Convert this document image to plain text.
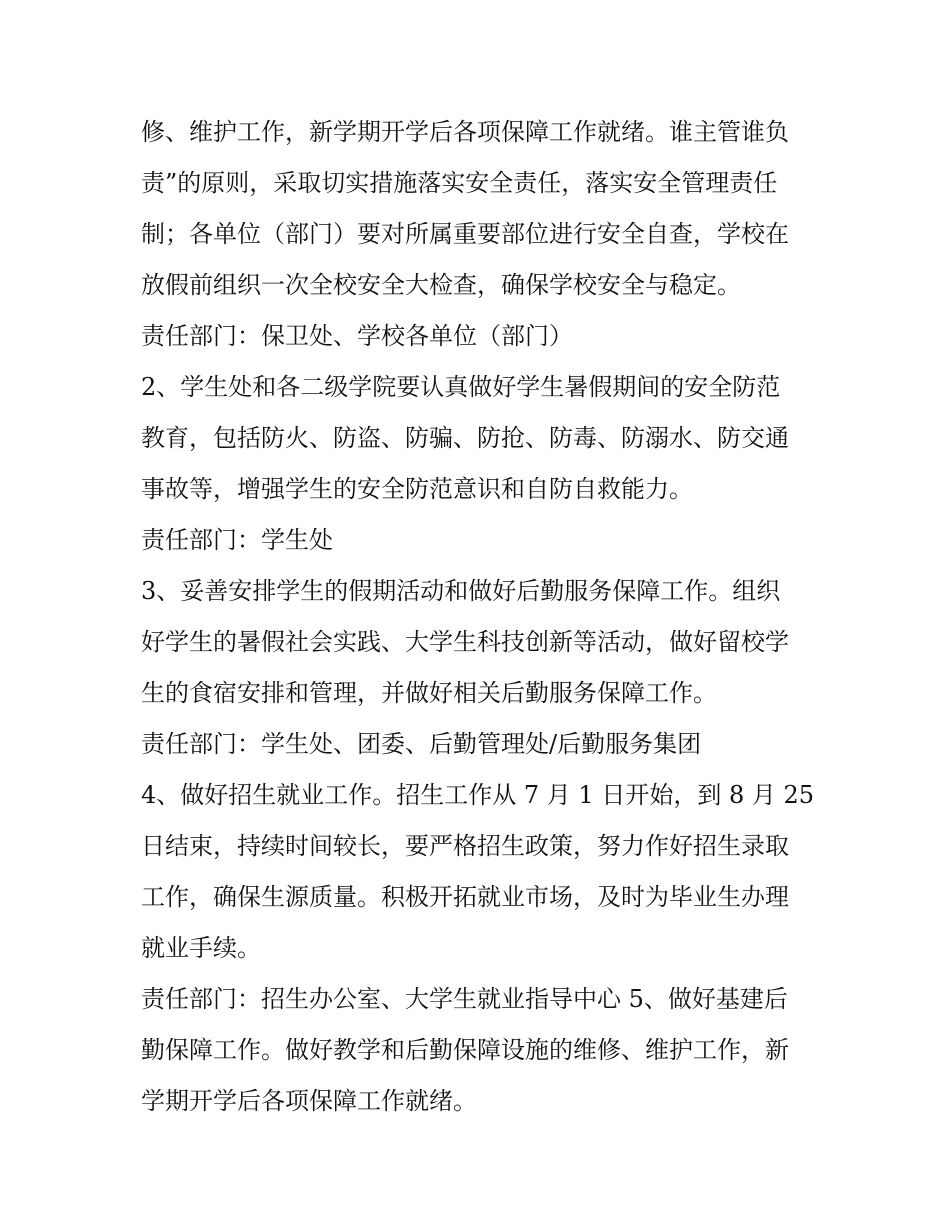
修、维护工作，新学期开学后各项保障工作就绪。谁主管谁负
责”的原则，采取切实措施落实安全责任，落实安全管理责任
制；各单位（部门）要对所属重要部位进行安全自查，学校在
放假前组织一次全校安全大检查，确保学校安全与稳定。
责任部门：保卫处、学校各单位（部门）
2、学生处和各二级学院要认真做好学生暑假期间的安全防范
教育，包括防火、防盗、防骗、防抢、防毒、防溺水、防交通
事故等，增强学生的安全防范意识和自防自救能力。
责任部门：学生处
3、妥善安排学生的假期活动和做好后勤服务保障工作。组织
好学生的暑假社会实践、大学生科技创新等活动，做好留校学
生的食宿安排和管理，并做好相关后勤服务保障工作。
责任部门：学生处、团委、后勤管理处/后勤服务集团
4、做好招生就业工作。招生工作从 7 月 1 日开始，到 8 月 25
日结束，持续时间较长，要严格招生政策，努力作好招生录取
工作，确保生源质量。积极开拓就业市场，及时为毕业生办理
就业手续。
责任部门：招生办公室、大学生就业指导中心 5、做好基建后
勤保障工作。做好教学和后勤保障设施的维修、维护工作，新
学期开学后各项保障工作就绪。
